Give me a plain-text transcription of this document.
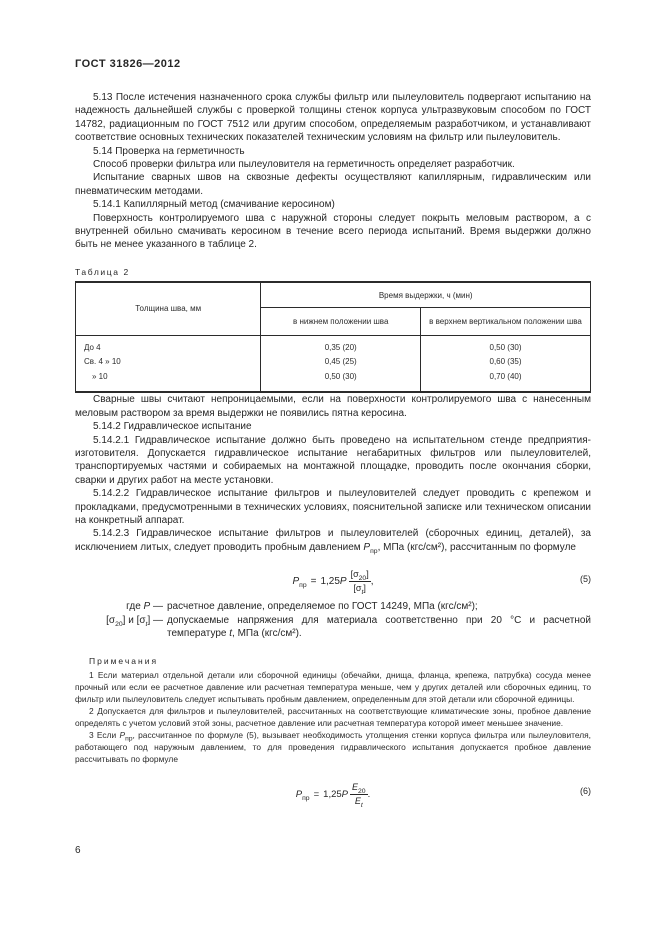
ГОСТ 31826—2012

5.13 После истечения назначенного срока службы фильтр или пылеуловитель подвергают испытанию на надежность дальнейшей службы с проверкой толщины стенок корпуса ультразвуковым способом по ГОСТ 14782, радиационным по ГОСТ 7512 или другим способом, определяемым разработчиком, и устанавливают соответствие основных технических показателей техническим условиям на фильтр или пылеуловитель.

5.14 Проверка на герметичность

Способ проверки фильтра или пылеуловителя на герметичность определяет разработчик.

Испытание сварных швов на сквозные дефекты осуществляют капиллярным, гидравлическим или пневматическим методами.

5.14.1 Капиллярный метод (смачивание керосином)

Поверхность контролируемого шва с наружной стороны следует покрыть меловым раствором, а с внутренней обильно смачивать керосином в течение всего периода испытаний. Время выдержки должно быть не менее указанного в таблице 2.

Таблица 2
Толщина шва, мм	Время выдержки, ч (мин)	
	в нижнем положении шва	в верхнем вертикальном положении шва
До 4	0,35 (20)	0,50 (30)
Св. 4 » 10	0,45 (25)	0,60 (35)
» 10	0,50 (30)	0,70 (40)

Сварные швы считают непроницаемыми, если на поверхности контролируемого шва с нанесенным меловым раствором за время выдержки не появились пятна керосина.

5.14.2 Гидравлическое испытание

5.14.2.1 Гидравлическое испытание должно быть проведено на испытательном стенде предприятия-изготовителя. Допускается гидравлическое испытание негабаритных фильтров или пылеуловителей, транспортируемых частями и собираемых на монтажной площадке, проводить после окончания сборки, сварки и других работ на месте установки.

5.14.2.2 Гидравлическое испытание фильтров и пылеуловителей следует проводить с крепежом и прокладками, предусмотренными в технических условиях, пояснительной записке или техническом описании на конкретный аппарат.

5.14.2.3 Гидравлическое испытание фильтров и пылеуловителей (сборочных единиц, деталей), за исключением литых, следует проводить пробным давлением $P_{пр}$, МПа (кгс/см²), рассчитанным по формуле

$P_{пр} = 1,25P \frac{[\sigma_{20}]}{[\sigma_t]}$ ,	(5)
где P — расчетное давление, определяемое по ГОСТ 14249, МПа (кгс/см²);
$[\sigma_{20}]$ и $[\sigma_t]$ — допускаемые напряжения для материала соответственно при 20 °С и расчетной температуре t, МПа (кгс/см²).
Примечания

1 Если материал отдельной детали или сборочной единицы (обечайки, днища, фланца, крепежа, патрубка) сосуда менее прочный или если ее расчетное давление или расчетная температура меньше, чем у других деталей или сборочных единиц, то фильтр или пылеуловитель следует испытывать пробным давлением, определенным для этой детали или сборочной единицы.

2 Допускается для фильтров и пылеуловителей, рассчитанных на соответствующие климатические зоны, пробное давление определять с учетом условий этой зоны, расчетное давление или расчетная температура которой имеет меньшее значение.

3 Если $P_{пр}$, рассчитанное по формуле (5), вызывает необходимость утолщения стенки корпуса фильтра или пылеуловителя, работающего под наружным давлением, то для проведения гидравлического испытания допускается пробное давление рассчитывать по формуле

$P_{пр} = 1,25P \frac{E_{20}}{E_t}$ .	(6)
6
